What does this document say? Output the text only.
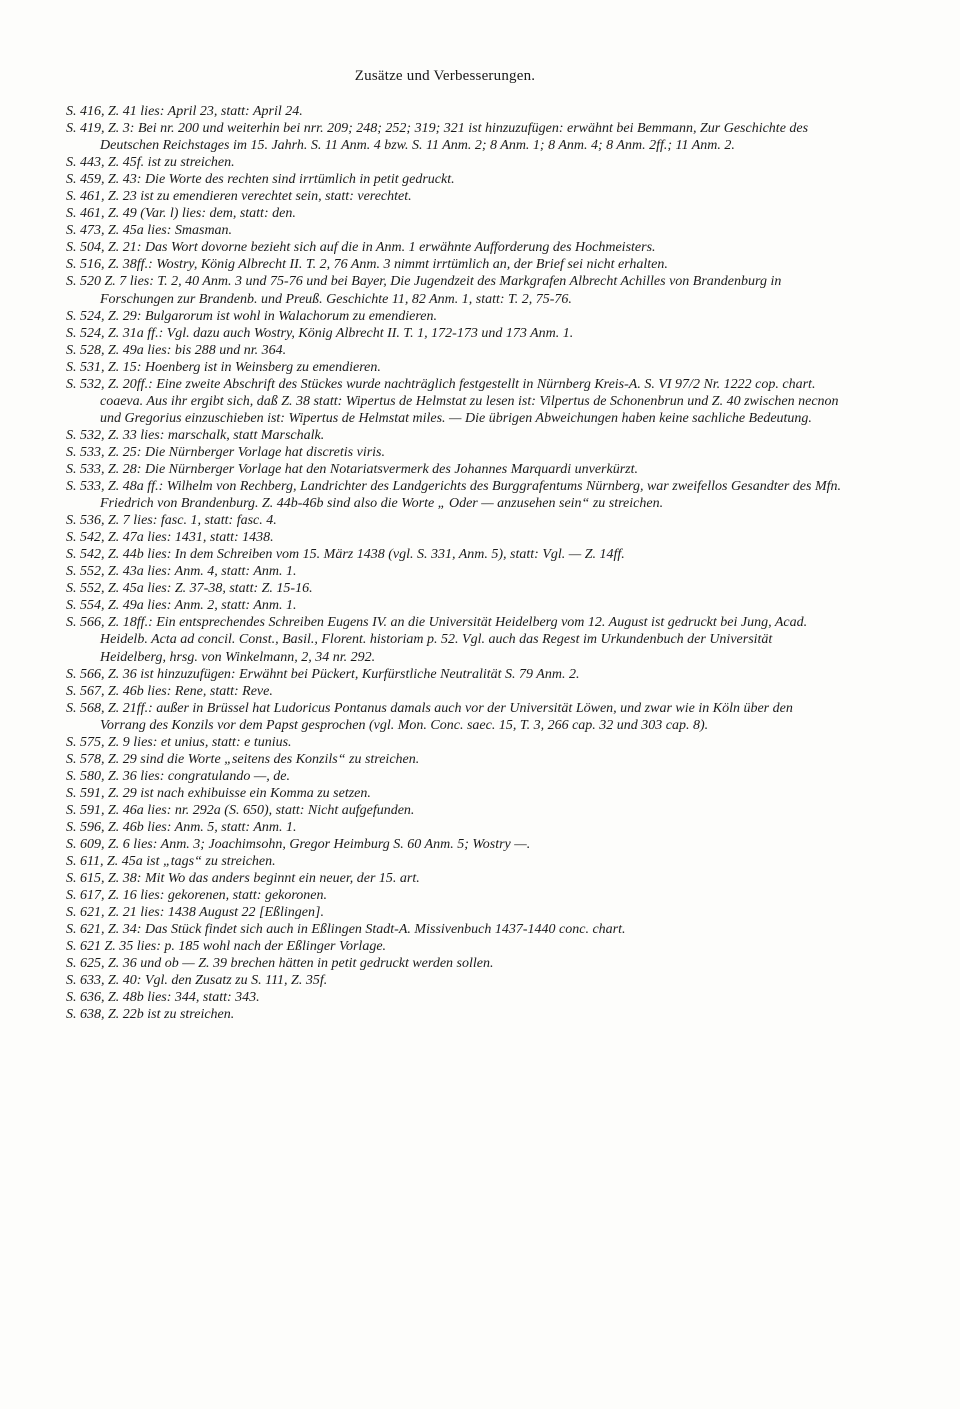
Zusätze und Verbesserungen.
S. 416, Z. 41 lies: April 23, statt: April 24.
S. 419, Z. 3: Bei nr. 200 und weiterhin bei nrr. 209; 248; 252; 319; 321 ist hinzuzufügen: erwähnt bei Bemmann, Zur Geschichte des Deutschen Reichstages im 15. Jahrh. S. 11 Anm. 4 bzw. S. 11 Anm. 2; 8 Anm. 1; 8 Anm. 4; 8 Anm. 2ff.; 11 Anm. 2.
S. 443, Z. 45f. ist zu streichen.
S. 459, Z. 43: Die Worte des rechten sind irrtümlich in petit gedruckt.
S. 461, Z. 23 ist zu emendieren verechtet sein, statt: verechtet.
S. 461, Z. 49 (Var. l) lies: dem, statt: den.
S. 473, Z. 45a lies: Smasman.
S. 504, Z. 21: Das Wort dovorne bezieht sich auf die in Anm. 1 erwähnte Aufforderung des Hochmeisters.
S. 516, Z. 38ff.: Wostry, König Albrecht II. T. 2, 76 Anm. 3 nimmt irrtümlich an, der Brief sei nicht erhalten.
S. 520 Z. 7 lies: T. 2, 40 Anm. 3 und 75-76 und bei Bayer, Die Jugendzeit des Markgrafen Albrecht Achilles von Brandenburg in Forschungen zur Brandenb. und Preuß. Geschichte 11, 82 Anm. 1, statt: T. 2, 75-76.
S. 524, Z. 29: Bulgarorum ist wohl in Walachorum zu emendieren.
S. 524, Z. 31a ff.: Vgl. dazu auch Wostry, König Albrecht II. T. 1, 172-173 und 173 Anm. 1.
S. 528, Z. 49a lies: bis 288 und nr. 364.
S. 531, Z. 15: Hoenberg ist in Weinsberg zu emendieren.
S. 532, Z. 20ff.: Eine zweite Abschrift des Stückes wurde nachträglich festgestellt in Nürnberg Kreis-A. S. VI 97/2 Nr. 1222 cop. chart. coaeva. Aus ihr ergibt sich, daß Z. 38 statt: Wipertus de Helmstat zu lesen ist: Vilpertus de Schonenbrun und Z. 40 zwischen necnon und Gregorius einzuschieben ist: Wipertus de Helmstat miles. — Die übrigen Abweichungen haben keine sachliche Bedeutung.
S. 532, Z. 33 lies: marschalk, statt Marschalk.
S. 533, Z. 25: Die Nürnberger Vorlage hat discretis viris.
S. 533, Z. 28: Die Nürnberger Vorlage hat den Notariatsvermerk des Johannes Marquardi unverkürzt.
S. 533, Z. 48a ff.: Wilhelm von Rechberg, Landrichter des Landgerichts des Burggrafentums Nürnberg, war zweifellos Gesandter des Mfn. Friedrich von Brandenburg. Z. 44b-46b sind also die Worte „ Oder — anzusehen sein“ zu streichen.
S. 536, Z. 7 lies: fasc. 1, statt: fasc. 4.
S. 542, Z. 47a lies: 1431, statt: 1438.
S. 542, Z. 44b lies: In dem Schreiben vom 15. März 1438 (vgl. S. 331, Anm. 5), statt: Vgl. — Z. 14ff.
S. 552, Z. 43a lies: Anm. 4, statt: Anm. 1.
S. 552, Z. 45a lies: Z. 37-38, statt: Z. 15-16.
S. 554, Z. 49a lies: Anm. 2, statt: Anm. 1.
S. 566, Z. 18ff.: Ein entsprechendes Schreiben Eugens IV. an die Universität Heidelberg vom 12. August ist gedruckt bei Jung, Acad. Heidelb. Acta ad concil. Const., Basil., Florent. historiam p. 52. Vgl. auch das Regest im Urkundenbuch der Universität Heidelberg, hrsg. von Winkelmann, 2, 34 nr. 292.
S. 566, Z. 36 ist hinzuzufügen: Erwähnt bei Pückert, Kurfürstliche Neutralität S. 79 Anm. 2.
S. 567, Z. 46b lies: Rene, statt: Reve.
S. 568, Z. 21ff.: außer in Brüssel hat Ludoricus Pontanus damals auch vor der Universität Löwen, und zwar wie in Köln über den Vorrang des Konzils vor dem Papst gesprochen (vgl. Mon. Conc. saec. 15, T. 3, 266 cap. 32 und 303 cap. 8).
S. 575, Z. 9 lies: et unius, statt: e tunius.
S. 578, Z. 29 sind die Worte „seitens des Konzils“ zu streichen.
S. 580, Z. 36 lies: congratulando —, de.
S. 591, Z. 29 ist nach exhibuisse ein Komma zu setzen.
S. 591, Z. 46a lies: nr. 292a (S. 650), statt: Nicht aufgefunden.
S. 596, Z. 46b lies: Anm. 5, statt: Anm. 1.
S. 609, Z. 6 lies: Anm. 3; Joachimsohn, Gregor Heimburg S. 60 Anm. 5; Wostry —.
S. 611, Z. 45a ist „tags“ zu streichen.
S. 615, Z. 38: Mit Wo das anders beginnt ein neuer, der 15. art.
S. 617, Z. 16 lies: gekorenen, statt: gekoronen.
S. 621, Z. 21 lies: 1438 August 22 [Eßlingen].
S. 621, Z. 34: Das Stück findet sich auch in Eßlingen Stadt-A. Missivenbuch 1437-1440 conc. chart.
S. 621 Z. 35 lies: p. 185 wohl nach der Eßlinger Vorlage.
S. 625, Z. 36 und ob — Z. 39 brechen hätten in petit gedruckt werden sollen.
S. 633, Z. 40: Vgl. den Zusatz zu S. 111, Z. 35f.
S. 636, Z. 48b lies: 344, statt: 343.
S. 638, Z. 22b ist zu streichen.
